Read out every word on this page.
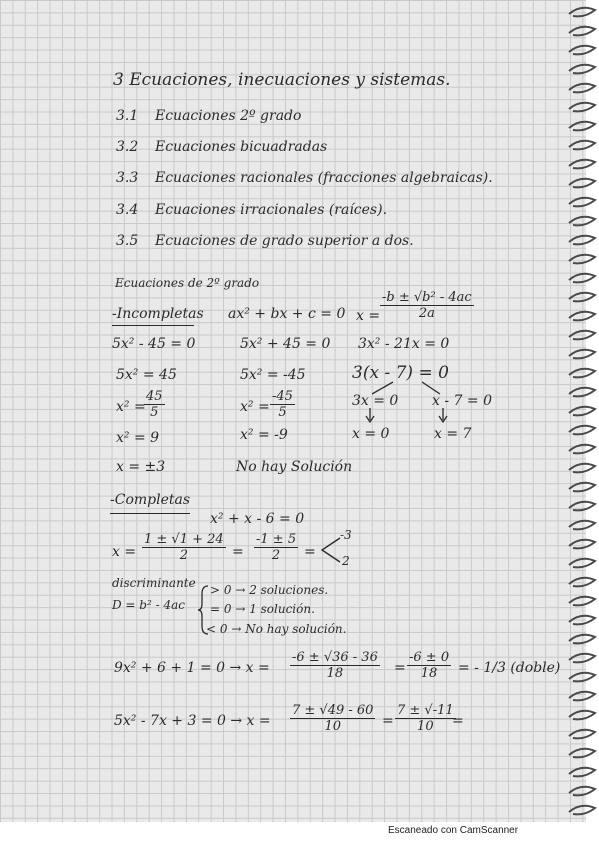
3 Ecuaciones, inecuaciones y sistemas.
3.1 Ecuaciones 2º grado
3.2 Ecuaciones bicuadradas
3.3 Ecuaciones racionales (fracciones algebraicas).
3.4 Ecuaciones irracionales (raíces).
3.5 Ecuaciones de grado superior a dos.
Ecuaciones de 2º grado
-Incompletas ax² + bx + c = 0 $x = \frac{\text{-b ± √b² - 4ac}}{2a}$
5x² - 45 = 0
5x² = 45
x² =
$\frac{45}{5}$
x² = 9
x = ±3
5x² + 45 = 0
5x² = -45
$x^2 = \frac{-45}{5}$
x² = -9
No hay Solución
3x² - 21x = 0
3(x - 7) = 0
3x = 0 x - 7 = 0
x = 0	x = 7
-Completas
x² + x - 6 = 0
$x = \frac{1 \pm √1 + 24}{2} = \frac{-1 \pm 5}{2}$ =
-3
2
discriminante
D = b² - 4ac
> 0 → 2 soluciones.
= 0 → 1 solución.
< 0 → No hay solución.
$9x^2 + 6 + 1 = 0 \to x = \frac{-6 \pm √36 - 36}{18} = \frac{-6 \pm 0}{18}$ = - 1/3 (doble)
$5x^2 - 7x + 3 = 0 \to x = \frac{7 \pm √49 - 60}{10} = \frac{7 \pm √-11}{10}$
=
Escaneado con CamScanner
